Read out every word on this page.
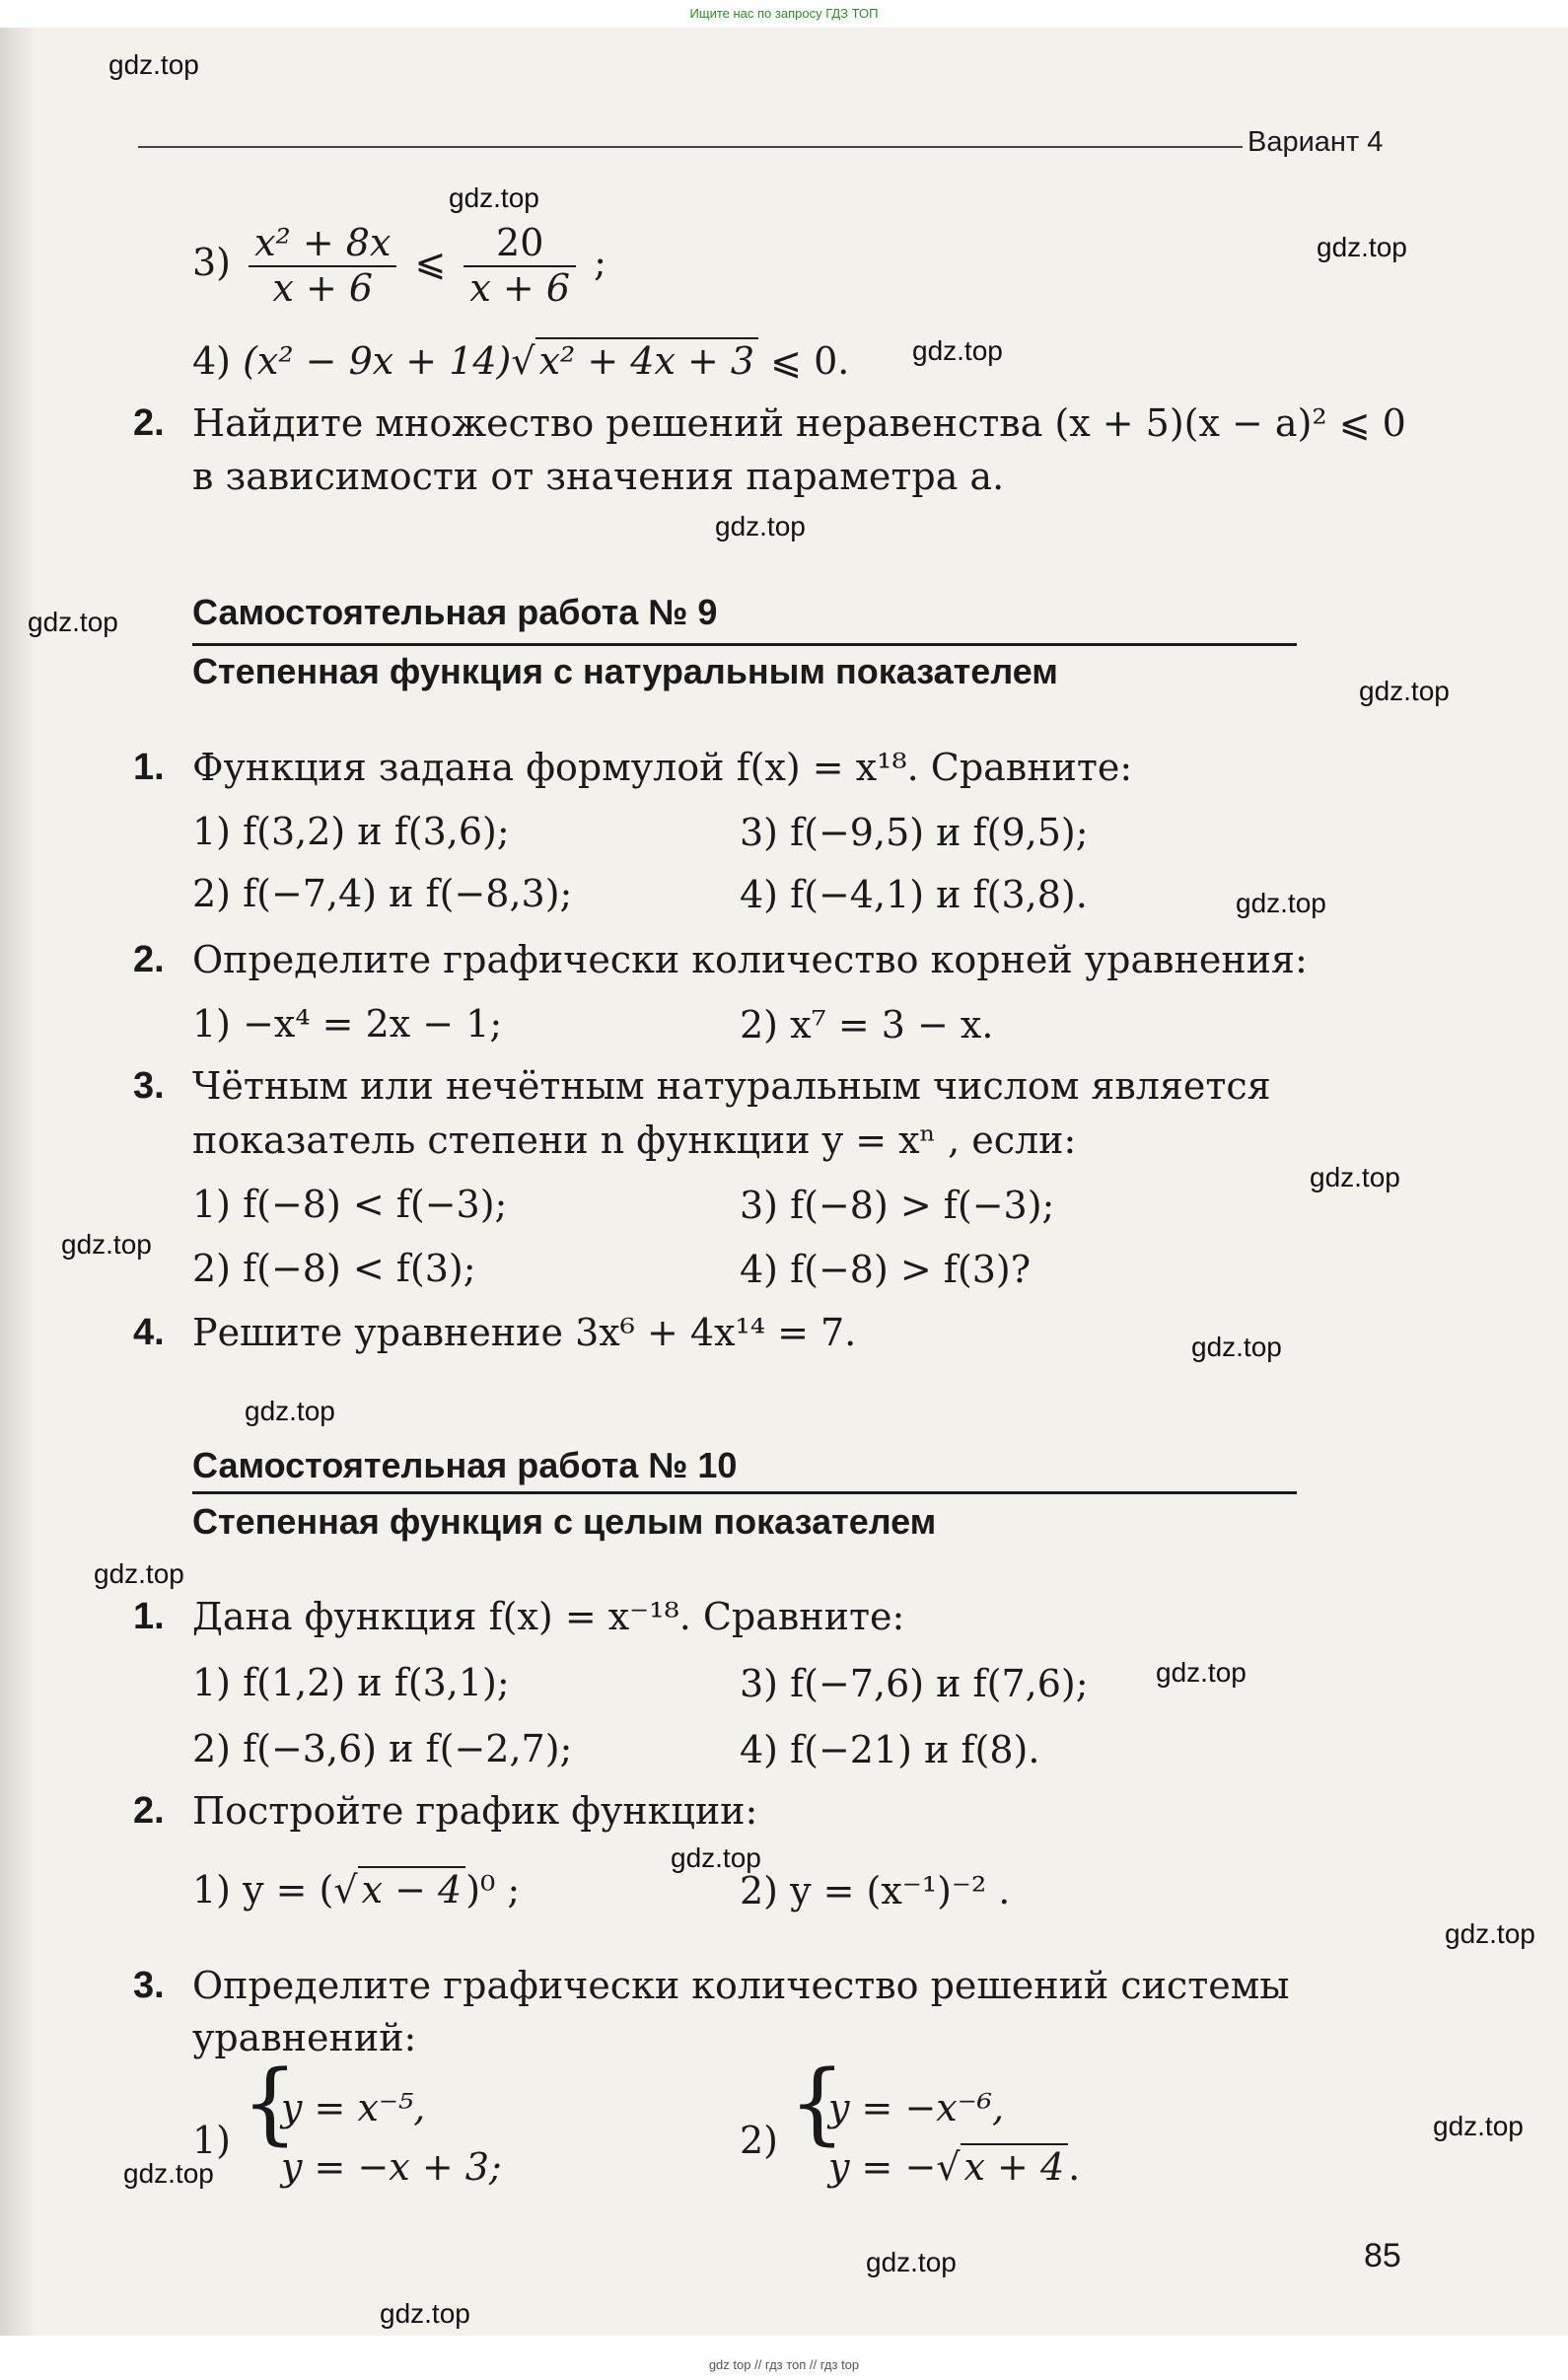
Ищите нас по запросу ГДЗ ТОП
Вариант 4
gdz.top
gdz.top
gdz.top
gdz.top
gdz.top
gdz.top
gdz.top
gdz.top
gdz.top
gdz.top
gdz.top
gdz.top
gdz.top
gdz.top
gdz.top
gdz.top
gdz.top
gdz.top
gdz.top
gdz.top
$3) \frac{\text{x² + 8x}}{x + 6}$ ⩽ $\frac{20}{x + 6}$ ;
4) (x² − 9x + 14)√ x² + 4x + 3 ⩽ 0.
2. Найдите множество решений неравенства (x + 5)(x − a)² ⩽ 0
в зависимости от значения параметра a.
Самостоятельная работа № 9
Степенная функция с натуральным показателем
1. Функция задана формулой f(x) = x¹⁸. Сравните:
1) f(3,2) и f(3,6);	3) f(−9,5) и f(9,5);
2) f(−7,4) и f(−8,3);	4) f(−4,1) и f(3,8).
2. Определите графически количество корней уравнения:
1) −x⁴ = 2x − 1;	2) x⁷ = 3 − x.
3. Чётным или нечётным натуральным числом является
показатель степени n функции y = xⁿ , если:
1) f(−8) < f(−3);	3) f(−8) > f(−3);
2) f(−8) < f(3);	4) f(−8) > f(3)?
4. Решите уравнение 3x⁶ + 4x¹⁴ = 7.
Самостоятельная работа № 10
Степенная функция с целым показателем
1. Дана функция f(x) = x⁻¹⁸. Сравните:
1) f(1,2) и f(3,1);	3) f(−7,6) и f(7,6);
2) f(−3,6) и f(−2,7);	4) f(−21) и f(8).
2. Постройте график функции:
1) y = (√ x − 4 )⁰ ;	2) y = (x⁻¹)⁻² .
3. Определите графически количество решений системы
уравнений:
1) {
y = x⁻⁵,
y = −x + 3;
2) {
y = −x⁻⁶,
y = −√ x + 4 .
85
gdz top // гдз топ // гдз top
